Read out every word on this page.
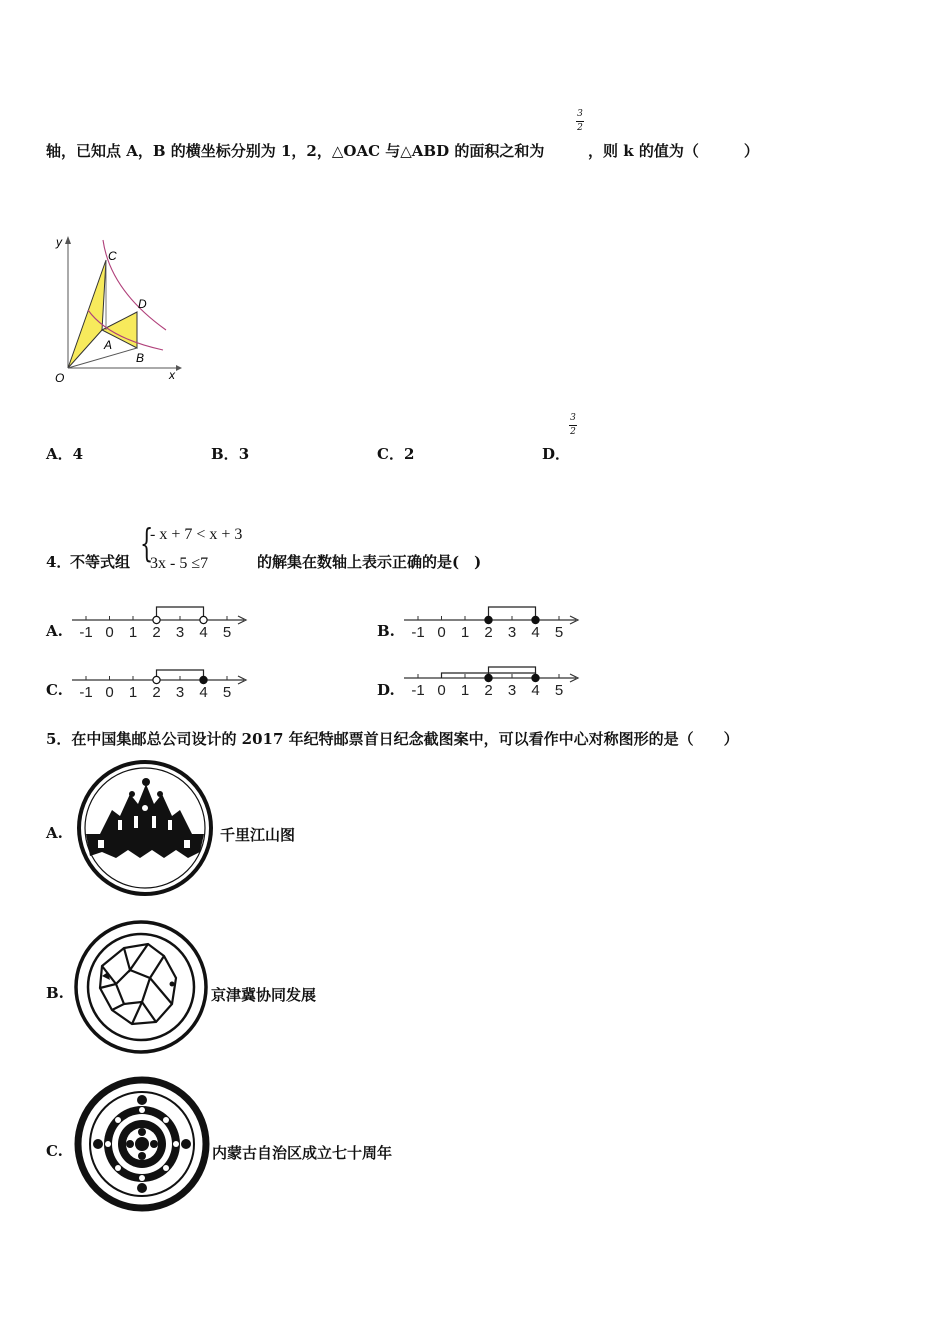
轴，已知点 A，B 的横坐标分别为 1，2，△OAC 与△ABD 的面积之和为
3
2
，则 k 的值为（　　　）
y
x
O
C
D
A
B
A．4	B．3	C．2	D．
3
2
4．
不等式组 {
- x + 7 < x + 3
3x - 5 ≤7	的解集在数轴上表示正确的是(　)
A. -1 0 1 2 3 4 5	B. -1 0 1 2 3 4 5
C. -1 0 1 2 3 4 5	D. -1 0 1 2 3 4 5
5．在中国集邮总公司设计的 2017 年纪特邮票首日纪念截图案中，可以看作中心对称图形的是（　　）
A.	千里江山图
B.	京津冀协同发展
C.	内蒙古自治区成立七十周年
